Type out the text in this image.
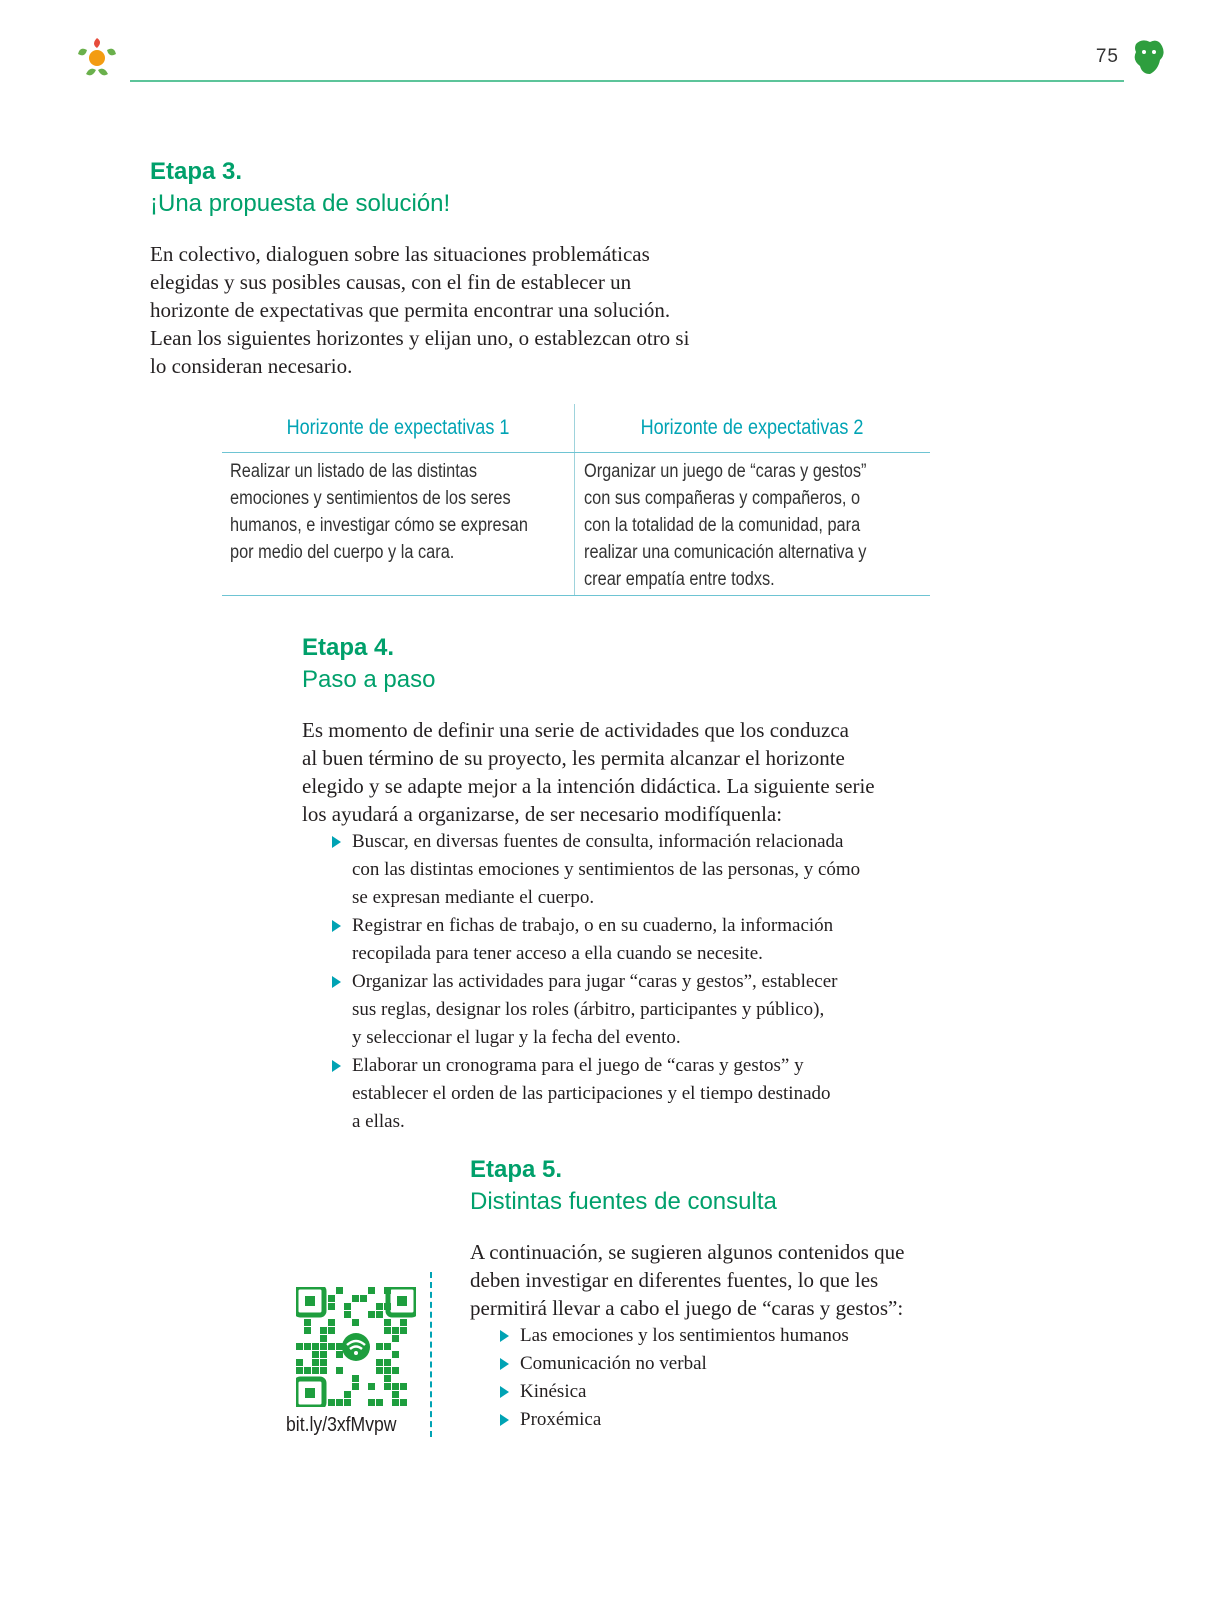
75
Etapa 3.
¡Una propuesta de solución!

En colectivo, dialoguen sobre las situaciones problemáticas
elegidas y sus posibles causas, con el fin de establecer un
horizonte de expectativas que permita encontrar una solución.
Lean los siguientes horizontes y elijan uno, o establezcan otro si
lo consideran necesario.

Horizonte de expectativas 1	Horizonte de expectativas 2
Realizar un listado de las distintas
emociones y sentimientos de los seres
humanos, e investigar cómo se expresan
por medio del cuerpo y la cara.
Organizar un juego de “caras y gestos”
con sus compañeras y compañeros, o
con la totalidad de la comunidad, para
realizar una comunicación alternativa y
crear empatía entre todxs.
Etapa 4.
Paso a paso

Es momento de definir una serie de actividades que los conduzca
al buen término de su proyecto, les permita alcanzar el horizonte
elegido y se adapte mejor a la intención didáctica. La siguiente serie
los ayudará a organizarse, de ser necesario modifíquenla:

Buscar, en diversas fuentes de consulta, información relacionada
con las distintas emociones y sentimientos de las personas, y cómo
se expresan mediante el cuerpo.
Registrar en fichas de trabajo, o en su cuaderno, la información
recopilada para tener acceso a ella cuando se necesite.
Organizar las actividades para jugar “caras y gestos”, establecer
sus reglas, designar los roles (árbitro, participantes y público),
y seleccionar el lugar y la fecha del evento.
Elaborar un cronograma para el juego de “caras y gestos” y
establecer el orden de las participaciones y el tiempo destinado
a ellas.
Etapa 5.
Distintas fuentes de consulta

A continuación, se sugieren algunos contenidos que
deben investigar en diferentes fuentes, lo que les
permitirá llevar a cabo el juego de “caras y gestos”:

Las emociones y los sentimientos humanos
Comunicación no verbal
Kinésica
Proxémica
bit.ly/3xfMvpw
